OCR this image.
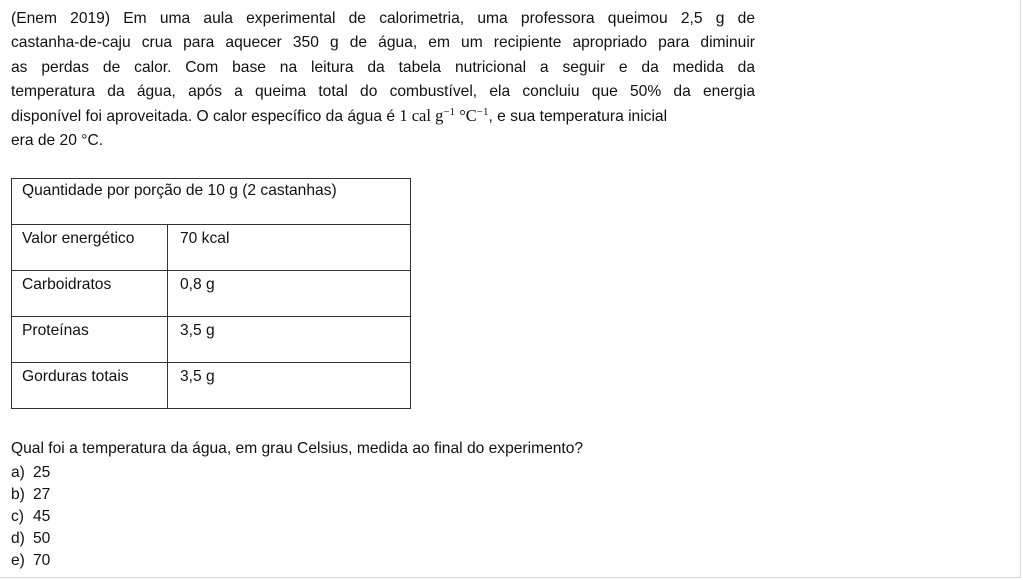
(Enem 2019) Em uma aula experimental de calorimetria, uma professora queimou 2,5 g de
castanha-de-caju crua para aquecer 350 g de água, em um recipiente apropriado para diminuir
as perdas de calor. Com base na leitura da tabela nutricional a seguir e da medida da
temperatura da água, após a queima total do combustível, ela concluiu que 50% da energia
disponível foi aproveitada. O calor específico da água é 1 cal $g^{-1}$ $^\circ C^{-1}$, e sua temperatura inicial
era de 20 °C.
Quantidade por porção de 10 g (2 castanhas)	
Valor energético	70 kcal
Carboidratos	0,8 g
Proteínas	3,5 g
Gorduras totais	3,5 g

Qual foi a temperatura da água, em grau Celsius, medida ao final do experimento?

a) 25
b) 27
c) 45
d) 50
e) 70
